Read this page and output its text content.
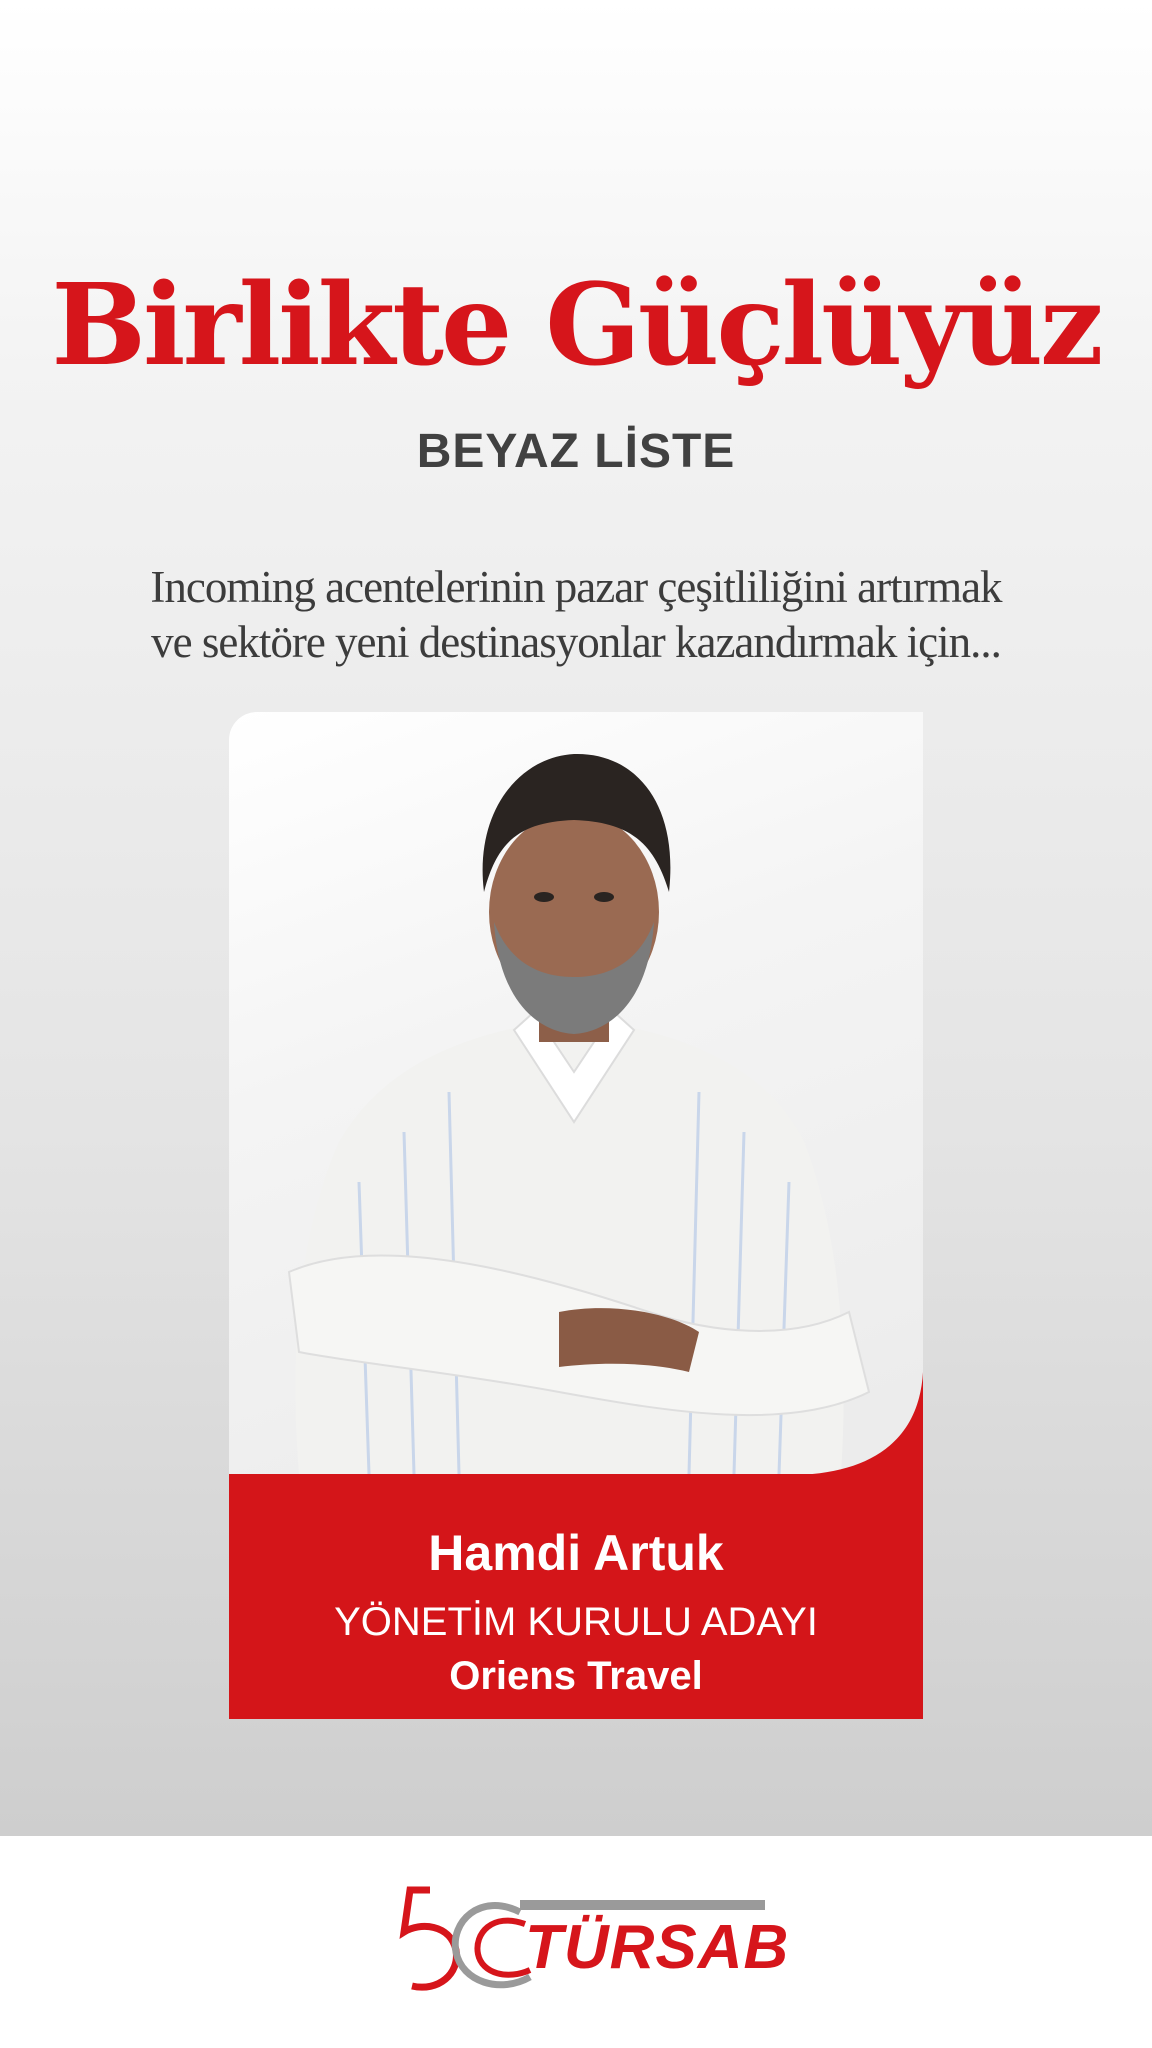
Birlikte Güçlüyüz
BEYAZ LİSTE
Incoming acentelerinin pazar çeşitliliğini artırmak
ve sektöre yeni destinasyonlar kazandırmak için...
Hamdi Artuk
YÖNETİM KURULU ADAYI
Oriens Travel
TÜRSAB
